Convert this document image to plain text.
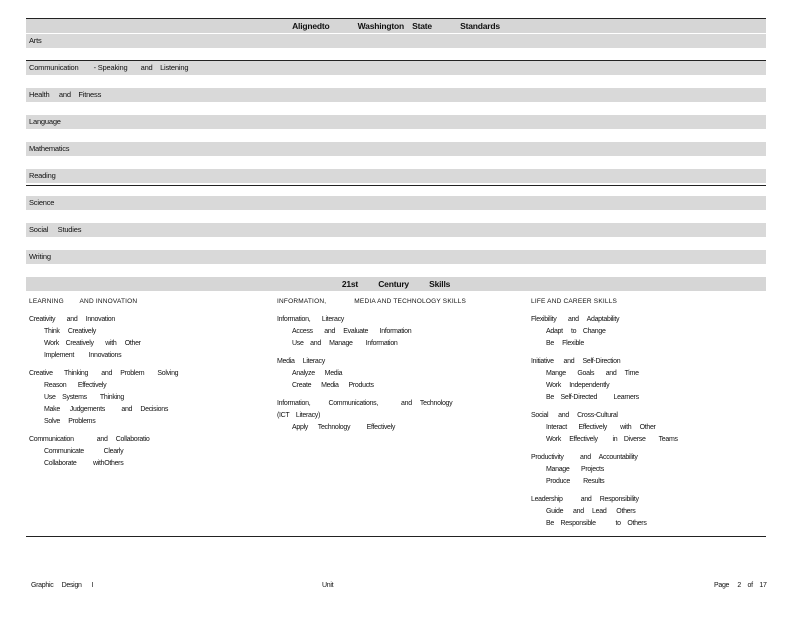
Alignedto	Washington State	Standards
Arts
Communication        - Speaking       and    Listening
Health     and    Fitness
Language
Mathematics
Reading
Science
Social     Studies
Writing
21st Century Skills
LEARNING        AND INNOVATION
Creativity       and     Innovation
Think     Creatively
Work    Creatively       with     Other
Implement         Innovations
Creative       Thinking        and     Problem        Solving
Reason       Effectively
Use    Systems        Thinking
Make      Judgements          and     Decisions
Solve     Problems
Communication              and     Collaboratio
Communicate            Clearly
Collaborate          withOthers
INFORMATION,              MEDIA AND TECHNOLOGY SKILLS
Information,       Literacy
Access       and     Evaluate       Information
Use    and     Manage        Information
Media     Literacy
Analyze      Media
Create      Media      Products
Information,           Communications,              and     Technology
(ICT    Literacy)
Apply      Technology          Effectively
LIFE AND CAREER SKILLS
Flexibility       and     Adaptability
Adapt     to    Change
Be     Flexible
Initiative      and     Self-Direction
Mange       Goals       and     Time
Work     Independently
Be    Self-Directed          Learners
Social      and     Cross-Cultural
Interact       Effectively        with     Other
Work     Effectively         in    Diverse        Teams
Productivity          and     Accountability
Manage       Projects
Produce        Results
Leadership           and     Responsibility
Guide      and     Lead      Others
Be    Responsible            to    Others
Graphic     Design      I	Unit	Page     2    of    17
